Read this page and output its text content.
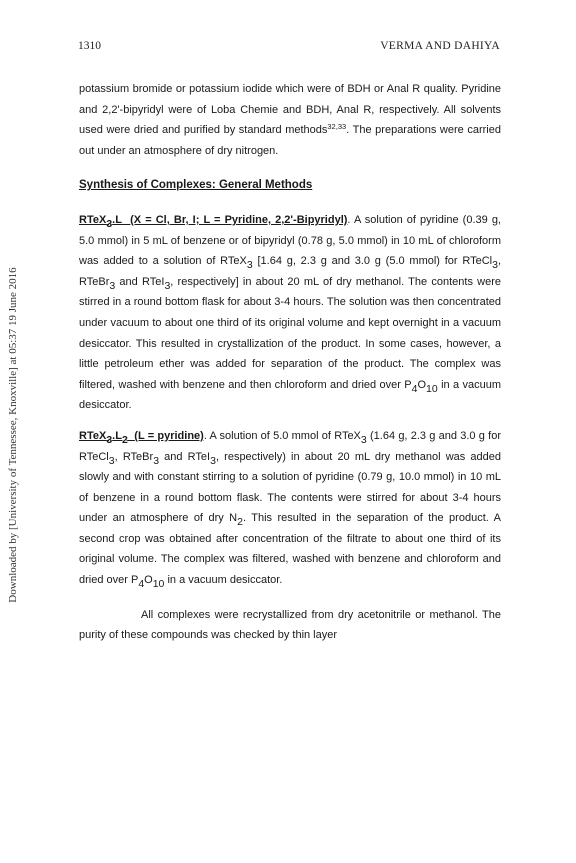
1310	VERMA AND DAHIYA
Downloaded by [University of Tennessee, Knoxville] at 05:37 19 June 2016

potassium bromide or potassium iodide which were of BDH or Anal R quality. Pyridine and 2,2'-bipyridyl were of Loba Chemie and BDH, Anal R, respectively. All solvents used were dried and purified by standard methods$^{32,33}$. The preparations were carried out under an atmosphere of dry nitrogen.

Synthesis of Complexes: General Methods

RTeX$_3$.L (X = Cl, Br, I; L = Pyridine, 2,2'-Bipyridyl). A solution of pyridine (0.39 g, 5.0 mmol) in 5 mL of benzene or of bipyridyl (0.78 g, 5.0 mmol) in 10 mL of chloroform was added to a solution of RTeX$_3$ [1.64 g, 2.3 g and 3.0 g (5.0 mmol) for RTeCl$_3$, RTeBr$_3$ and RTeI$_3$, respectively] in about 20 mL of dry methanol. The contents were stirred in a round bottom flask for about 3-4 hours. The solution was then concentrated under vacuum to about one third of its original volume and kept overnight in a vacuum desiccator. This resulted in crystallization of the product. In some cases, however, a little petroleum ether was added for separation of the product. The complex was filtered, washed with benzene and then chloroform and dried over $P_4O_{10}$ in a vacuum desiccator.

$RTeX_3.L_2$ (L = pyridine). A solution of 5.0 mmol of RTeX$_3$ (1.64 g, 2.3 g and 3.0 g for RTeCl$_3$, RTeBr$_3$ and RTeI$_3$, respectively) in about 20 mL dry methanol was added slowly and with constant stirring to a solution of pyridine (0.79 g, 10.0 mmol) in 10 mL of benzene in a round bottom flask. The contents were stirred for about 3-4 hours under an atmosphere of dry $N_2$. This resulted in the separation of the product. A second crop was obtained after concentration of the filtrate to about one third of its original volume. The complex was filtered, washed with benzene and chloroform and dried over $P_4O_{10}$ in a vacuum desiccator.

All complexes were recrystallized from dry acetonitrile or methanol. The purity of these compounds was checked by thin layer
